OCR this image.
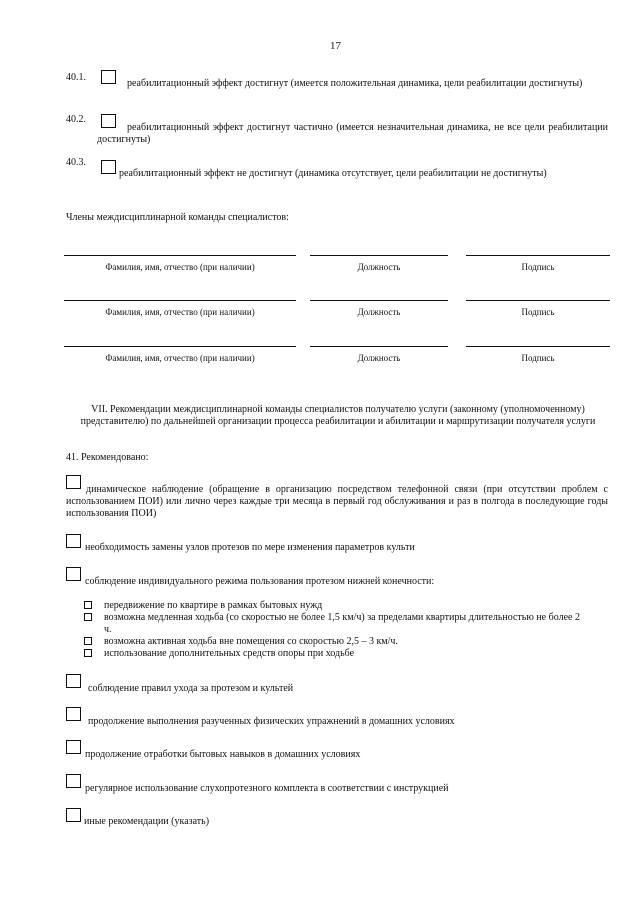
17
40.1.
реабилитационный эффект достигнут (имеется положительная динамика, цели реабилитации достигнуты)
40.2.
реабилитационный эффект достигнут частично (имеется незначительная динамика, не все цели реабилитации достигнуты)
40.3.
реабилитационный эффект не достигнут (динамика отсутствует, цели реабилитации не достигнуты)
Члены междисциплинарной команды специалистов:
Фамилия, имя, отчество (при наличии)	Должность	Подпись
Фамилия, имя, отчество (при наличии)	Должность	Подпись
Фамилия, имя, отчество (при наличии)	Должность	Подпись
VII. Рекомендации междисциплинарной команды специалистов получателю услуги (законному (уполномоченному) представителю) по дальнейшей организации процесса реабилитации и абилитации и маршрутизации получателя услуги
41. Рекомендовано:
динамическое наблюдение (обращение в организацию посредством телефонной связи (при отсутствии проблем с использованием ПОИ) или лично через каждые три месяца в первый год обслуживания и раз в полгода в последующие годы использования ПОИ)
необходимость замены узлов протезов по мере изменения параметров культи
соблюдение индивидуального режима пользования протезом нижней конечности:
передвижение по квартире в рамках бытовых нужд
возможна медленная ходьба (со скоростью не более 1,5 км/ч) за пределами квартиры длительностью не более 2 ч.
возможна активная ходьба вне помещения со скоростью 2,5 – 3 км/ч.
использование дополнительных средств опоры при ходьбе
соблюдение правил ухода за протезом и культей
продолжение выполнения разученных физических упражнений в домашних условиях
продолжение отработки бытовых навыков в домашних условиях
регулярное использование слухопротезного комплекта в соответствии с инструкцией
иные рекомендации (указать)
